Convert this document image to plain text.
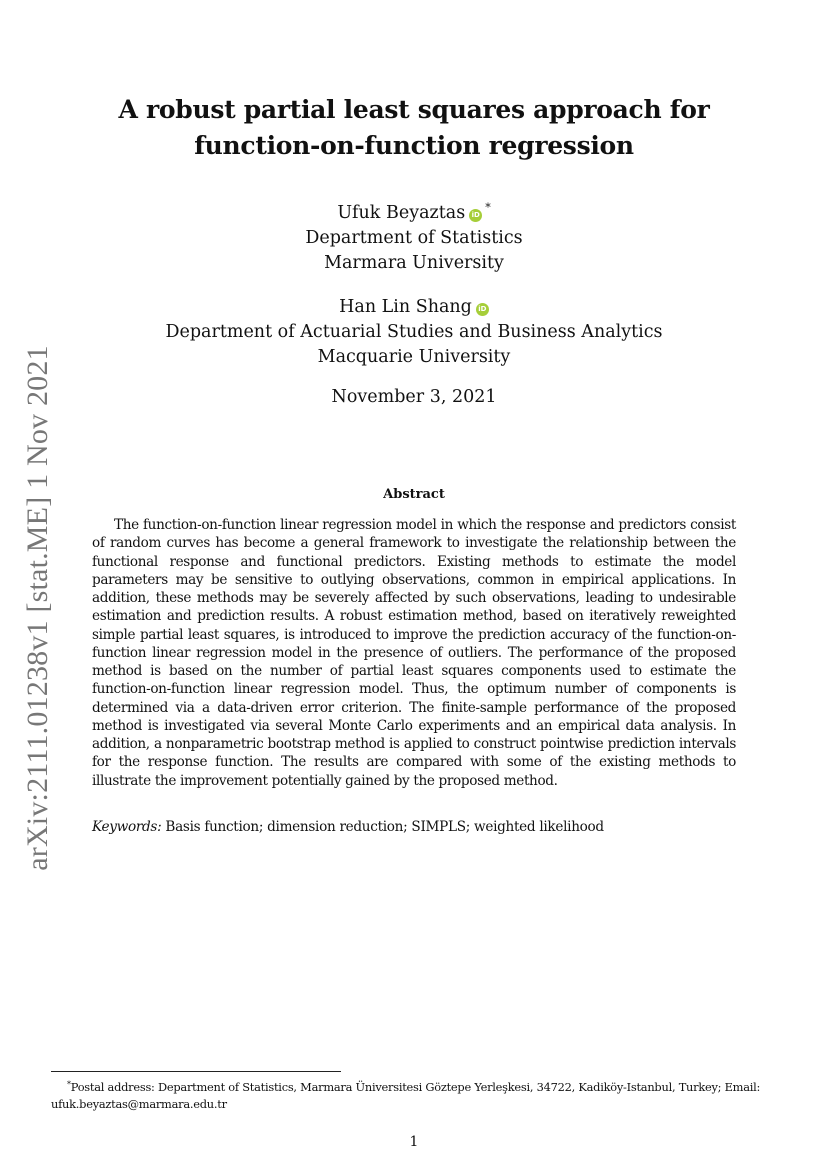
arXiv:2111.01238v1 [stat.ME] 1 Nov 2021
A robust partial least squares approach for
function-on-function regression
Ufuk Beyaztas iD*
Department of Statistics
Marmara University
Han Lin Shang iD
Department of Actuarial Studies and Business Analytics
Macquarie University
November 3, 2021
Abstract
The function-on-function linear regression model in which the response and predictors consist of random curves has become a general framework to investigate the relationship between the functional response and functional predictors. Existing methods to estimate the model parameters may be sensitive to outlying observations, common in empirical applications. In addition, these methods may be severely affected by such observations, leading to undesirable estimation and prediction results. A robust estimation method, based on iteratively reweighted simple partial least squares, is introduced to improve the prediction accuracy of the function-on-function linear regression model in the presence of outliers. The performance of the proposed method is based on the number of partial least squares components used to estimate the function-on-function linear regression model. Thus, the optimum number of components is determined via a data-driven error criterion. The finite-sample performance of the proposed method is investigated via several Monte Carlo experiments and an empirical data analysis. In addition, a nonparametric bootstrap method is applied to construct pointwise prediction intervals for the response function. The results are compared with some of the existing methods to illustrate the improvement potentially gained by the proposed method.
Keywords: Basis function; dimension reduction; SIMPLS; weighted likelihood
*Postal address: Department of Statistics, Marmara Üniversitesi Göztepe Yerleşkesi, 34722, Kadiköy-Istanbul, Turkey; Email: ufuk.beyaztas@marmara.edu.tr
1
